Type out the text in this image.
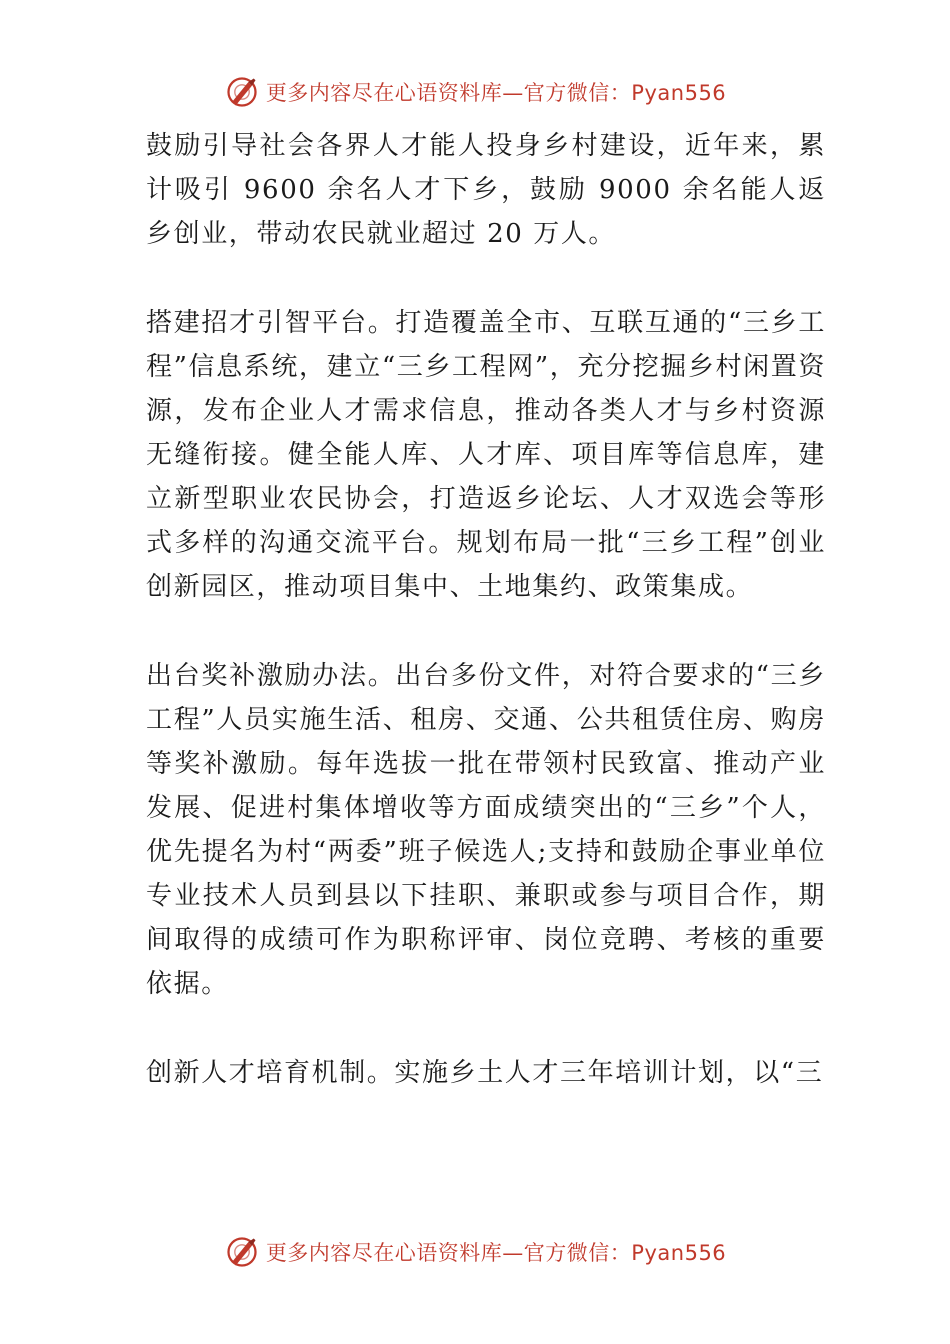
更多内容尽在心语资料库—官方微信：Pyan556

鼓励引导社会各界人才能人投身乡村建设，近年来，累计吸引 9600 余名人才下乡，鼓励 9000 余名能人返乡创业，带动农民就业超过 20 万人。

搭建招才引智平台。打造覆盖全市、互联互通的“三乡工程”信息系统，建立“三乡工程网”，充分挖掘乡村闲置资源，发布企业人才需求信息，推动各类人才与乡村资源无缝衔接。健全能人库、人才库、项目库等信息库，建立新型职业农民协会，打造返乡论坛、人才双选会等形式多样的沟通交流平台。规划布局一批“三乡工程”创业创新园区，推动项目集中、土地集约、政策集成。

出台奖补激励办法。出台多份文件，对符合要求的“三乡工程”人员实施生活、租房、交通、公共租赁住房、购房等奖补激励。每年选拔一批在带领村民致富、推动产业发展、促进村集体增收等方面成绩突出的“三乡”个人，优先提名为村“两委”班子候选人;支持和鼓励企事业单位专业技术人员到县以下挂职、兼职或参与项目合作，期间取得的成绩可作为职称评审、岗位竞聘、考核的重要依据。

创新人才培育机制。实施乡土人才三年培训计划，以“三

更多内容尽在心语资料库—官方微信：Pyan556
